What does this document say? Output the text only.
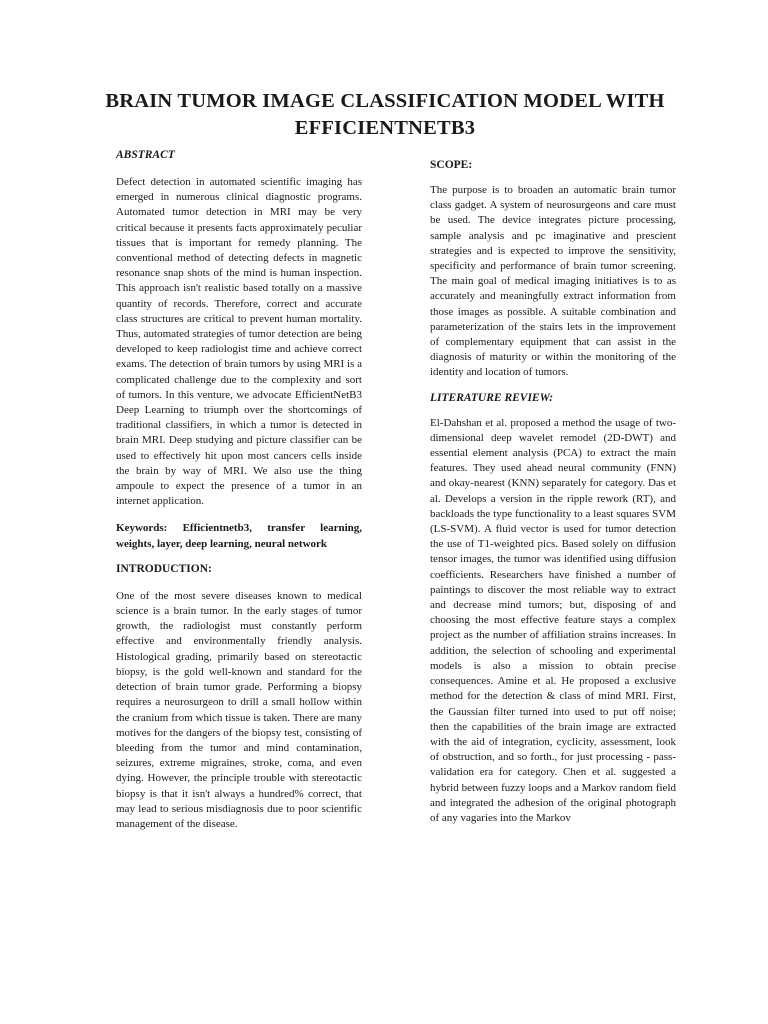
BRAIN TUMOR IMAGE CLASSIFICATION MODEL WITH EFFICIENTNETB3
ABSTRACT

Defect detection in automated scientific imaging has emerged in numerous clinical diagnostic programs. Automated tumor detection in MRI may be very critical because it presents facts approximately peculiar tissues that is important for remedy planning. The conventional method of detecting defects in magnetic resonance snap shots of the mind is human inspection. This approach isn't realistic based totally on a massive quantity of records. Therefore, correct and accurate class structures are critical to prevent human mortality. Thus, automated strategies of tumor detection are being developed to keep radiologist time and achieve correct exams. The detection of brain tumors by using MRI is a complicated challenge due to the complexity and sort of tumors. In this venture, we advocate EfficientNetB3 Deep Learning to triumph over the shortcomings of traditional classifiers, in which a tumor is detected in brain MRI. Deep studying and picture classifier can be used to effectively hit upon most cancers cells inside the brain by way of MRI. We also use the thing ampoule to expect the presence of a tumor in an internet application.

Keywords: Efficientnetb3, transfer learning, weights, layer, deep learning, neural network

INTRODUCTION:

One of the most severe diseases known to medical science is a brain tumor. In the early stages of tumor growth, the radiologist must constantly perform effective and environmentally friendly analysis. Histological grading, primarily based on stereotactic biopsy, is the gold well-known and standard for the detection of brain tumor grade. Performing a biopsy requires a neurosurgeon to drill a small hollow within the cranium from which tissue is taken. There are many motives for the dangers of the biopsy test, consisting of bleeding from the tumor and mind contamination, seizures, extreme migraines, stroke, coma, and even dying. However, the principle trouble with stereotactic biopsy is that it isn't always a hundred% correct, that may lead to serious misdiagnosis due to poor scientific management of the disease.

SCOPE:

The purpose is to broaden an automatic brain tumor class gadget. A system of neurosurgeons and care must be used. The device integrates picture processing, sample analysis and pc imaginative and prescient strategies and is expected to improve the sensitivity, specificity and performance of brain tumor screening. The main goal of medical imaging initiatives is to as accurately and meaningfully extract information from those images as possible. A suitable combination and parameterization of the stairs lets in the improvement of complementary equipment that can assist in the diagnosis of maturity or within the monitoring of the identity and location of tumors.

LITERATURE REVIEW:

El-Dahshan et al. proposed a method the usage of two-dimensional deep wavelet remodel (2D-DWT) and essential element analysis (PCA) to extract the main features. They used ahead neural community (FNN) and okay-nearest (KNN) separately for category. Das et al. Develops a version in the ripple rework (RT), and backloads the type functionality to a least squares SVM (LS-SVM). A fluid vector is used for tumor detection the use of T1-weighted pics. Based solely on diffusion tensor images, the tumor was identified using diffusion coefficients. Researchers have finished a number of paintings to discover the most reliable way to extract and decrease mind tumors; but, disposing of and choosing the most effective feature stays a complex project as the number of affiliation strains increases. In addition, the selection of schooling and experimental models is also a mission to obtain precise consequences. Amine et al. He proposed a exclusive method for the detection & class of mind MRI. First, the Gaussian filter turned into used to put off noise; then the capabilities of the brain image are extracted with the aid of integration, cyclicity, assessment, look of obstruction, and so forth., for just processing - pass-validation era for category. Chen et al. suggested a hybrid between fuzzy loops and a Markov random field and integrated the adhesion of the original photograph of any vagaries into the Markov
